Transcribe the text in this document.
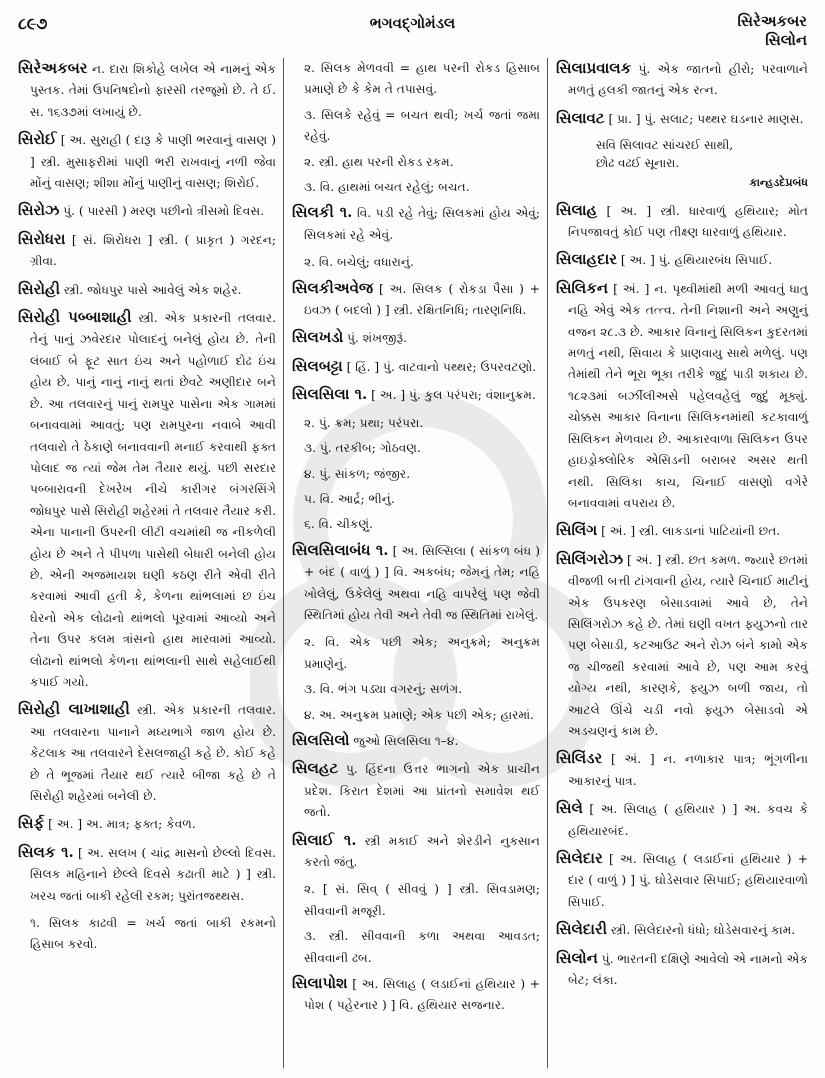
૮૯૭	ભગવદ્ગોમંડલ	સિરેઅકબર
સિલોન
સિરેઅકબર ન. દારા શિકોહે લખેલ એ નામનું એક પુસ્તક. તેમાં ઉપનિષદોનો ફારસી તરજૂમો છે. તે ઈ. સ. ૧૬૩૭માં લખાયું છે.
સિરોઈ [ અ. સુરાહી ( દારૂ કે પાણી ભરવાનું વાસણ ) ] સ્ત્રી. મુસાફરીમાં પાણી ભરી રાખવાનું નળી જેવા મોંનું વાસણ; શીશા મોંનું પાણીનું વાસણ; શિરોઈ.
સિરોઝ પું. ( પારસી ) મરણ પછીનો ત્રીસમો દિવસ.
સિરોધરા [ સં. શિરોધરા ] સ્ત્રી. ( પ્રાકૃત ) ગરદન; ગ્રીવા.
સિરોહી સ્ત્રી. જોધપુર પાસે આવેલું એક શહેર.
સિરોહી પબ્બાશાહી સ્ત્રી. એક પ્રકારની તલવાર. તેનું પાનું ઝવેરદાર પોલાદનું બનેલું હોય છે. તેની લંબાઈ બે ફૂટ સાત ઇંચ અને પહોળાઈ દોઢ ઇંચ હોય છે. પાનું નાનું નાનું થતાં છેવટે અણીદાર બને છે. આ તલવારનું પાનું રામપુર પાસેના એક ગામમાં બનાવવામાં આવતું; પણ રામપુરના નવાબે આવી તલવારો તે ઠેકાણે બનાવવાની મનાઈ કરવાથી ફક્ત પોલાદ જ ત્યાં જેમ તેમ તૈયાર થયું. પછી સરદાર પબ્બારાવની દેખરેખ નીચે કારીગર બંગરસિંગે જોધપુર પાસે સિરોહી શહેરમાં તે તલવાર તૈયાર કરી. એના પાનાની ઉપરની લીટી વચમાંથી જ નીકળેલી હોય છે અને તે પીપળા પાસેથી બેધારી બનેલી હોય છે. એની અજમાયશ ઘણી કઠણ રીતે એવી રીતે કરવામાં આવી હતી કે, કેળના થાંભલામાં છ ઇંચ ઘેરનો એક લોઢાનો થાંભલો પૂરવામાં આવ્યો અને તેના ઉપર કલમ ત્રાંસનો હાથ મારવામાં આવ્યો. લોઢાનો થાંભલો કેળના થાંભલાની સાથે સહેલાઈથી કપાઈ ગયો.
સિરોહી લાખાશાહી સ્ત્રી. એક પ્રકારની તલવાર. આ તલવારના પાનાને મધ્યભાગે જાળ હોય છે. કેટલાક આ તલવારને દેસલજાહી કહે છે. કોઈ કહે છે તે ભૂજમાં તૈયાર થઈ ત્યારે બીજા કહે છે તે સિરોહી શહેરમાં બનેલી છે.
સિર્ફ [ અ. ] અ. માત્ર; ફક્ત; કેવળ.
સિલક ૧. [ અ. સલખ ( ચાંદ્ર માસનો છેલ્લો દિવસ. સિલક મહિનાને છેલ્લે દિવસે કઢાતી માટે ) ] સ્ત્રી. ખરચ જતાં બાકી રહેલી રકમ; પુરાંતજથ્થસ.
૧. સિલક કાઢવી = ખર્ચ જતાં બાકી રકમનો હિસાબ કરવો.
૨. સિલક મેળવવી = હાથ પરની રોકડ હિસાબ પ્રમાણે છે કે કેમ તે તપાસવું.
૩. સિલકે રહેવું = બચત થવી; ખર્ચ જતાં જમા રહેવું.
૨. સ્ત્રી. હાથ પરની રોકડ રકમ.
૩. વિ. હાથમાં બચત રહેલું; બચત.
સિલકી ૧. વિ. પડી રહે તેવું; સિલકમાં હોય એવું; સિલકમાં રહે એવું.
૨. વિ. બચેલું; વધારાનું.
સિલકીઅવેજ [ અ. સિલક ( રોકડા પૈસા ) + ઇવઝ ( બદલો ) ] સ્ત્રી. રક્ષિતનિધિ; તારણનિધિ.
સિલખડો પું. શંખજીરૂં.
સિલબટ્ટા [ હિં. ] પું. વાટવાનો પથ્થર; ઉપરવટણો.
સિલસિલા ૧. [ અ. ] પું. કુલ પરંપરા; વંશાનુક્રમ.
૨. પું. ક્રમ; પ્રથા; પરંપરા.
૩. પું. તરકીબ; ગોઠવણ.
૪. પું. સાંકળ; જંજીર.
૫. વિ. આર્દ્ર; ભીનું.
૬. વિ. ચીકણું.
સિલસિલાબંધ ૧. [ અ. સિલ્સિલા ( સાંકળ બંધ ) + બંદ ( વાળું ) ] વિ. અકબંધ; જેમનું તેમ; નહિ ખોલેલું, ઉકેલેલું અથવા નહિ વાપરેલું પણ જેવી સ્થિતિમાં હોય તેવી અને તેવી જ સ્થિતિમાં રાખેલું.
૨. વિ. એક પછી એક; અનુક્રમે; અનુક્રમ પ્રમાણેનું.
૩. વિ. ભંગ પડ્યા વગરનું; સળંગ.
૪. અ. અનુક્રમ પ્રમાણે; એક પછી એક; હારમાં.
સિલસિલો જુઓ સિલસિલા ૧–૪.
સિલહટ પુ. હિંદના ઉત્તર ભાગનો એક પ્રાચીન પ્રદેશ. કિરાત દેશમાં આ પ્રાંતનો સમાવેશ થઈ જતો.
સિલાઈ ૧. સ્ત્રી મકાઈ અને શેરડીને નુકસાન કરતો જંતુ.
૨. [ સં. સિવ્ ( સીવવું ) ] સ્ત્રી. સિવડામણ; સીવવાની મજૂરી.
૩. સ્ત્રી. સીવવાની કળા અથવા આવડત; સીવવાની ઢબ.
સિલાપોશ [ અ. સિલાહ ( લડાઈનાં હથિયાર ) + પોશ ( પહેરનાર ) ] વિ. હથિયાર સજનાર.
સિલાપ્રવાલક પું. એક જાતનો હીરો; પરવાળાને મળતું હલકી જાતનું એક રત્ન.
સિલાવટ [ પ્રા. ] પું. સલાટ; પથ્થર ઘડનાર માણસ.
સવિ સિલાવટ સાંચરઈ સાથી,
છોઢ વઢઈ સૂનારા.
કાન્હડદેપ્રબંધ
સિલાહ [ અ. ] સ્ત્રી. ધારવાળું હથિયાર; મોત નિપજાવતું કોઈ પણ તીક્ષ્ણ ધારવાળું હથિયાર.
સિલાહદાર [ અ. ] પું. હથિયારબંધ સિપાઈ.
સિલિકન [ અં. ] ન. પૃથ્વીમાંથી મળી આવતું ધાતુ નહિ એવું એક તત્ત્વ. તેની નિશાની અને અણુનું વજન ૨૮.૩ છે. આકાર વિનાનું સિલિકન કુદરતમાં મળતું નથી, સિવાય કે પ્રાણવાયુ સાથે મળેલું. પણ તેમાંથી તેને ભૂરા ભૂકા તરીકે જુદું પાડી શકાય છે. ૧૮૨૩માં બર્ઝીલીઅસે પહેલવહેલું જુદું મૂક્યું. ચોક્કસ આકાર વિનાના સિલિકનમાંથી કટકાવાળું સિલિકન મેળવાય છે. આકારવાળા સિલિકન ઉપર હાઇડ્રોક્લોરિક એસિડની બરાબર અસર થતી નથી. સિલિકા કાચ, ચિનાઈ વાસણો વગેરે બનાવવામાં વપરાય છે.
સિલિંગ [ અં. ] સ્ત્રી. લાકડાનાં પાટિયાંની છત.
સિલિંગરોઝ [ અં. ] સ્ત્રી. છત કમળ. જ્યારે છતમાં વીજળી બત્તી ટાંગવાની હોય, ત્યારે ચિનાઈ માટીનું એક ઉપકરણ બેસાડવામાં આવે છે, તેને સિલિંગરોઝ કહે છે. તેમાં ઘણી વખત ફ્યુઝનો તાર પણ બેસાડી, કટઆઉટ અને રોઝ બંને કામો એક જ ચીજથી કરવામાં આવે છે, પણ આમ કરવું યોગ્ય નથી, કારણકે, ફ્યુઝ બળી જાય, તો આટલે ઊંચે ચડી નવો ફ્યુઝ બેસાડવો એ અડચણનું કામ છે.
સિલિંડર [ અં. ] ન. નળાકાર પાત્ર; ભૂંગળીના આકારનું પાત્ર.
સિલે [ અ. સિલાહ ( હથિયાર ) ] અ. કવચ કે હથિયારબંદ.
સિલેદાર [ અ. સિલાહ ( લડાઈનાં હથિયાર ) + દાર ( વાળું ) ] પું. ઘોડેસવાર સિપાઈ; હથિયારવાળો સિપાઈ.
સિલેદારી સ્ત્રી. સિલેદારનો ધંધો; ઘોડેસવારનું કામ.
સિલોન પું. ભારતની દક્ષિણે આવેલો એ નામનો એક બેટ; લંકા.
